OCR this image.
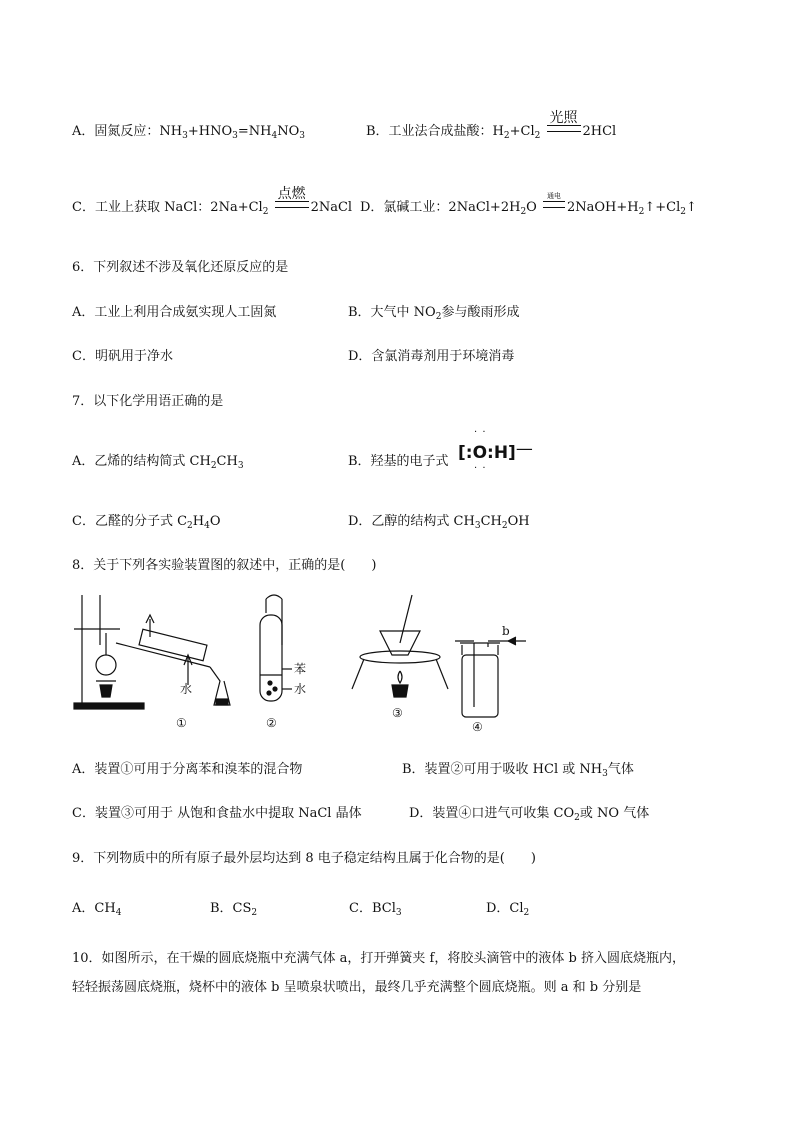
A．固氮反应：$NH_3+HNO_3=NH_4NO_3$	B．工业法合成盐酸：$H_2+Cl_2$
光照
2HCl
C．工业上获取 NaCl：$2Na+Cl_2$
点燃
2NaCl D．氯碱工业：$2NaCl+2H_2O$
通电
$2NaOH+H_2↑+Cl_2↑$
6．下列叙述不涉及氧化还原反应的是
A．工业上利用合成氨实现人工固氮	B．大气中 $NO_2$参与酸雨形成
C．明矾用于净水	D．含氯消毒剂用于环境消毒
7．以下化学用语正确的是
A．乙烯的结构简式 $CH_2CH_3$	B．羟基的电子式
· ·
[:O:H]—
· ·
C．乙醛的分子式 $C_2H_4O$	D．乙醇的结构式 $CH_3CH_2OH$
8．关于下列各实验装置图的叙述中，正确的是(　　)
①
水
苯
水
②
③
④
b
A．装置①可用于分离苯和溴苯的混合物	B．装置②可用于吸收 HCl 或 $NH_3$气体
C．装置③可用于 从饱和食盐水中提取 NaCl 晶体	D．装置④口进气可收集 $CO_2$或 NO 气体
9．下列物质中的所有原子最外层均达到 8 电子稳定结构且属于化合物的是(　　)
A．$CH_4$	B．$CS_2$	C．BCl$_3$	D．$Cl_2$
10．如图所示，在干燥的圆底烧瓶中充满气体 a，打开弹簧夹 f，将胶头滴管中的液体 b 挤入圆底烧瓶内，
轻轻振荡圆底烧瓶，烧杯中的液体 b 呈喷泉状喷出，最终几乎充满整个圆底烧瓶。则 a 和 b 分别是
